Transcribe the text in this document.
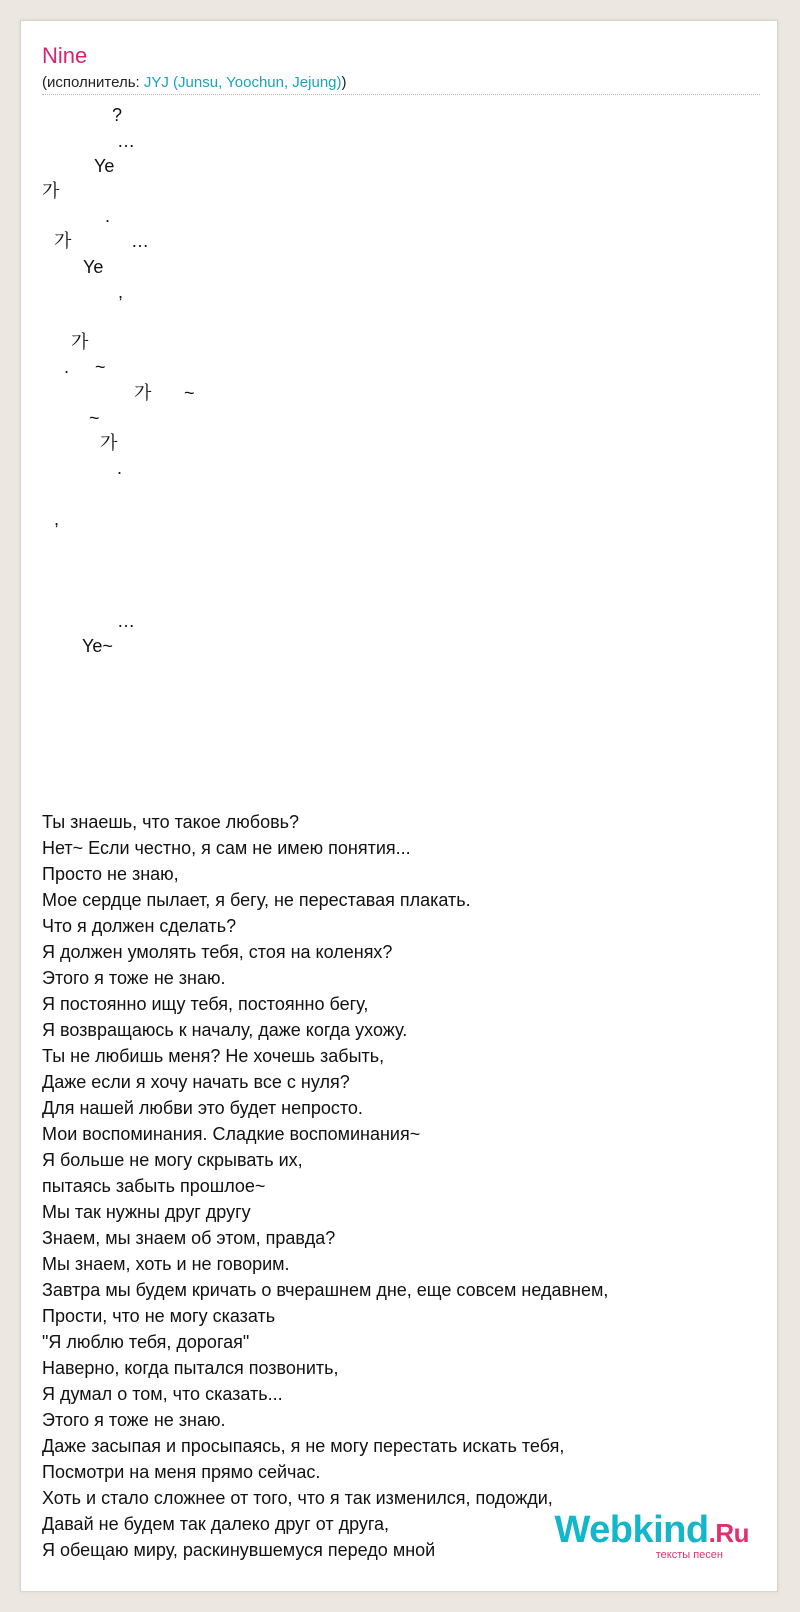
Nine
(исполнитель: JYJ (Junsu, Yoochun, Jejung))
?
…
Ye
가
.
가	…
Ye
,
가
. ~
가 ~
~
가
.
,
…
Ye~
Ты знаешь, что такое любовь?
Нет~ Если честно, я сам не имею понятия...
Просто не знаю,
Мое сердце пылает, я бегу, не переставая плакать.
Что я должен сделать?
Я должен умолять тебя, стоя на коленях?
Этого я тоже не знаю.
Я постоянно ищу тебя, постоянно бегу,
Я возвращаюсь к началу, даже когда ухожу.
Ты не любишь меня? Не хочешь забыть,
Даже если я хочу начать все с нуля?
Для нашей любви это будет непросто.
Мои воспоминания. Сладкие воспоминания~
Я больше не могу скрывать их,
пытаясь забыть прошлое~
Мы так нужны друг другу
Знаем, мы знаем об этом, правда?
Мы знаем, хоть и не говорим.
Завтра мы будем кричать о вчерашнем дне, еще совсем недавнем,
Прости, что не могу сказать
"Я люблю тебя, дорогая"
Наверно, когда пытался позвонить,
Я думал о том, что сказать...
Этого я тоже не знаю.
Даже засыпая и просыпаясь, я не могу перестать искать тебя,
Посмотри на меня прямо сейчас.
Хоть и стало сложнее от того, что я так изменился, подожди,
Давай не будем так далеко друг от друга,
Я обещаю миру, раскинувшемуся передо мной	Webkind.Ru
тексты песен
